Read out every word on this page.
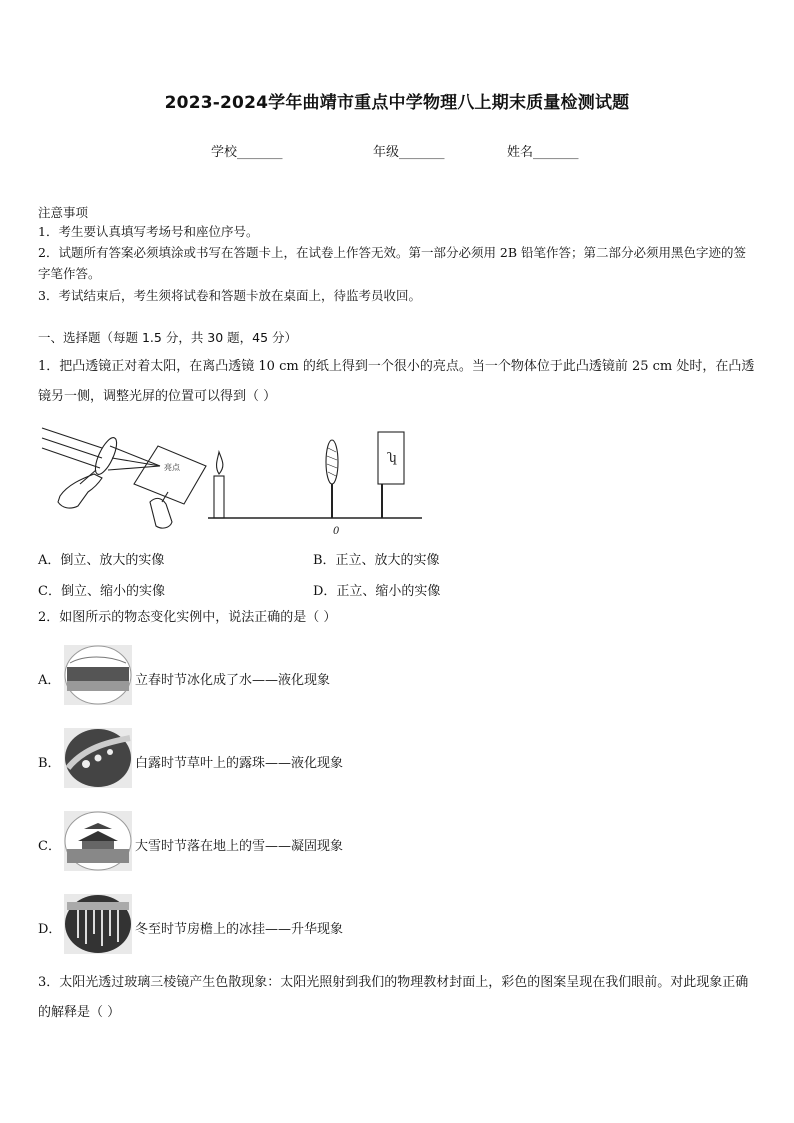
2023-2024学年曲靖市重点中学物理八上期末质量检测试题
学校_______	年级_______	姓名_______
注意事项
1．考生要认真填写考场号和座位序号。
2．试题所有答案必须填涂或书写在答题卡上，在试卷上作答无效。第一部分必须用 2B 铅笔作答；第二部分必须用黑色字迹的签字笔作答。
3．考试结束后，考生须将试卷和答题卡放在桌面上，待监考员收回。
一、选择题（每题 1.5 分，共 30 题，45 分）
1．把凸透镜正对着太阳，在离凸透镜 10 cm 的纸上得到一个很小的亮点。当一个物体位于此凸透镜前 25 cm 处时，在凸透镜另一侧，调整光屏的位置可以得到（ ）
ʮ
亮点
0
A．倒立、放大的实像	B．正立、放大的实像
C．倒立、缩小的实像	D．正立、缩小的实像
2．如图所示的物态变化实例中，说法正确的是（ ）
A．	立春时节冰化成了水——液化现象
B．	白露时节草叶上的露珠——液化现象
C．	大雪时节落在地上的雪——凝固现象
D．	冬至时节房檐上的冰挂——升华现象
3．太阳光透过玻璃三棱镜产生色散现象：太阳光照射到我们的物理教材封面上，彩色的图案呈现在我们眼前。对此现象正确的解释是（ ）
